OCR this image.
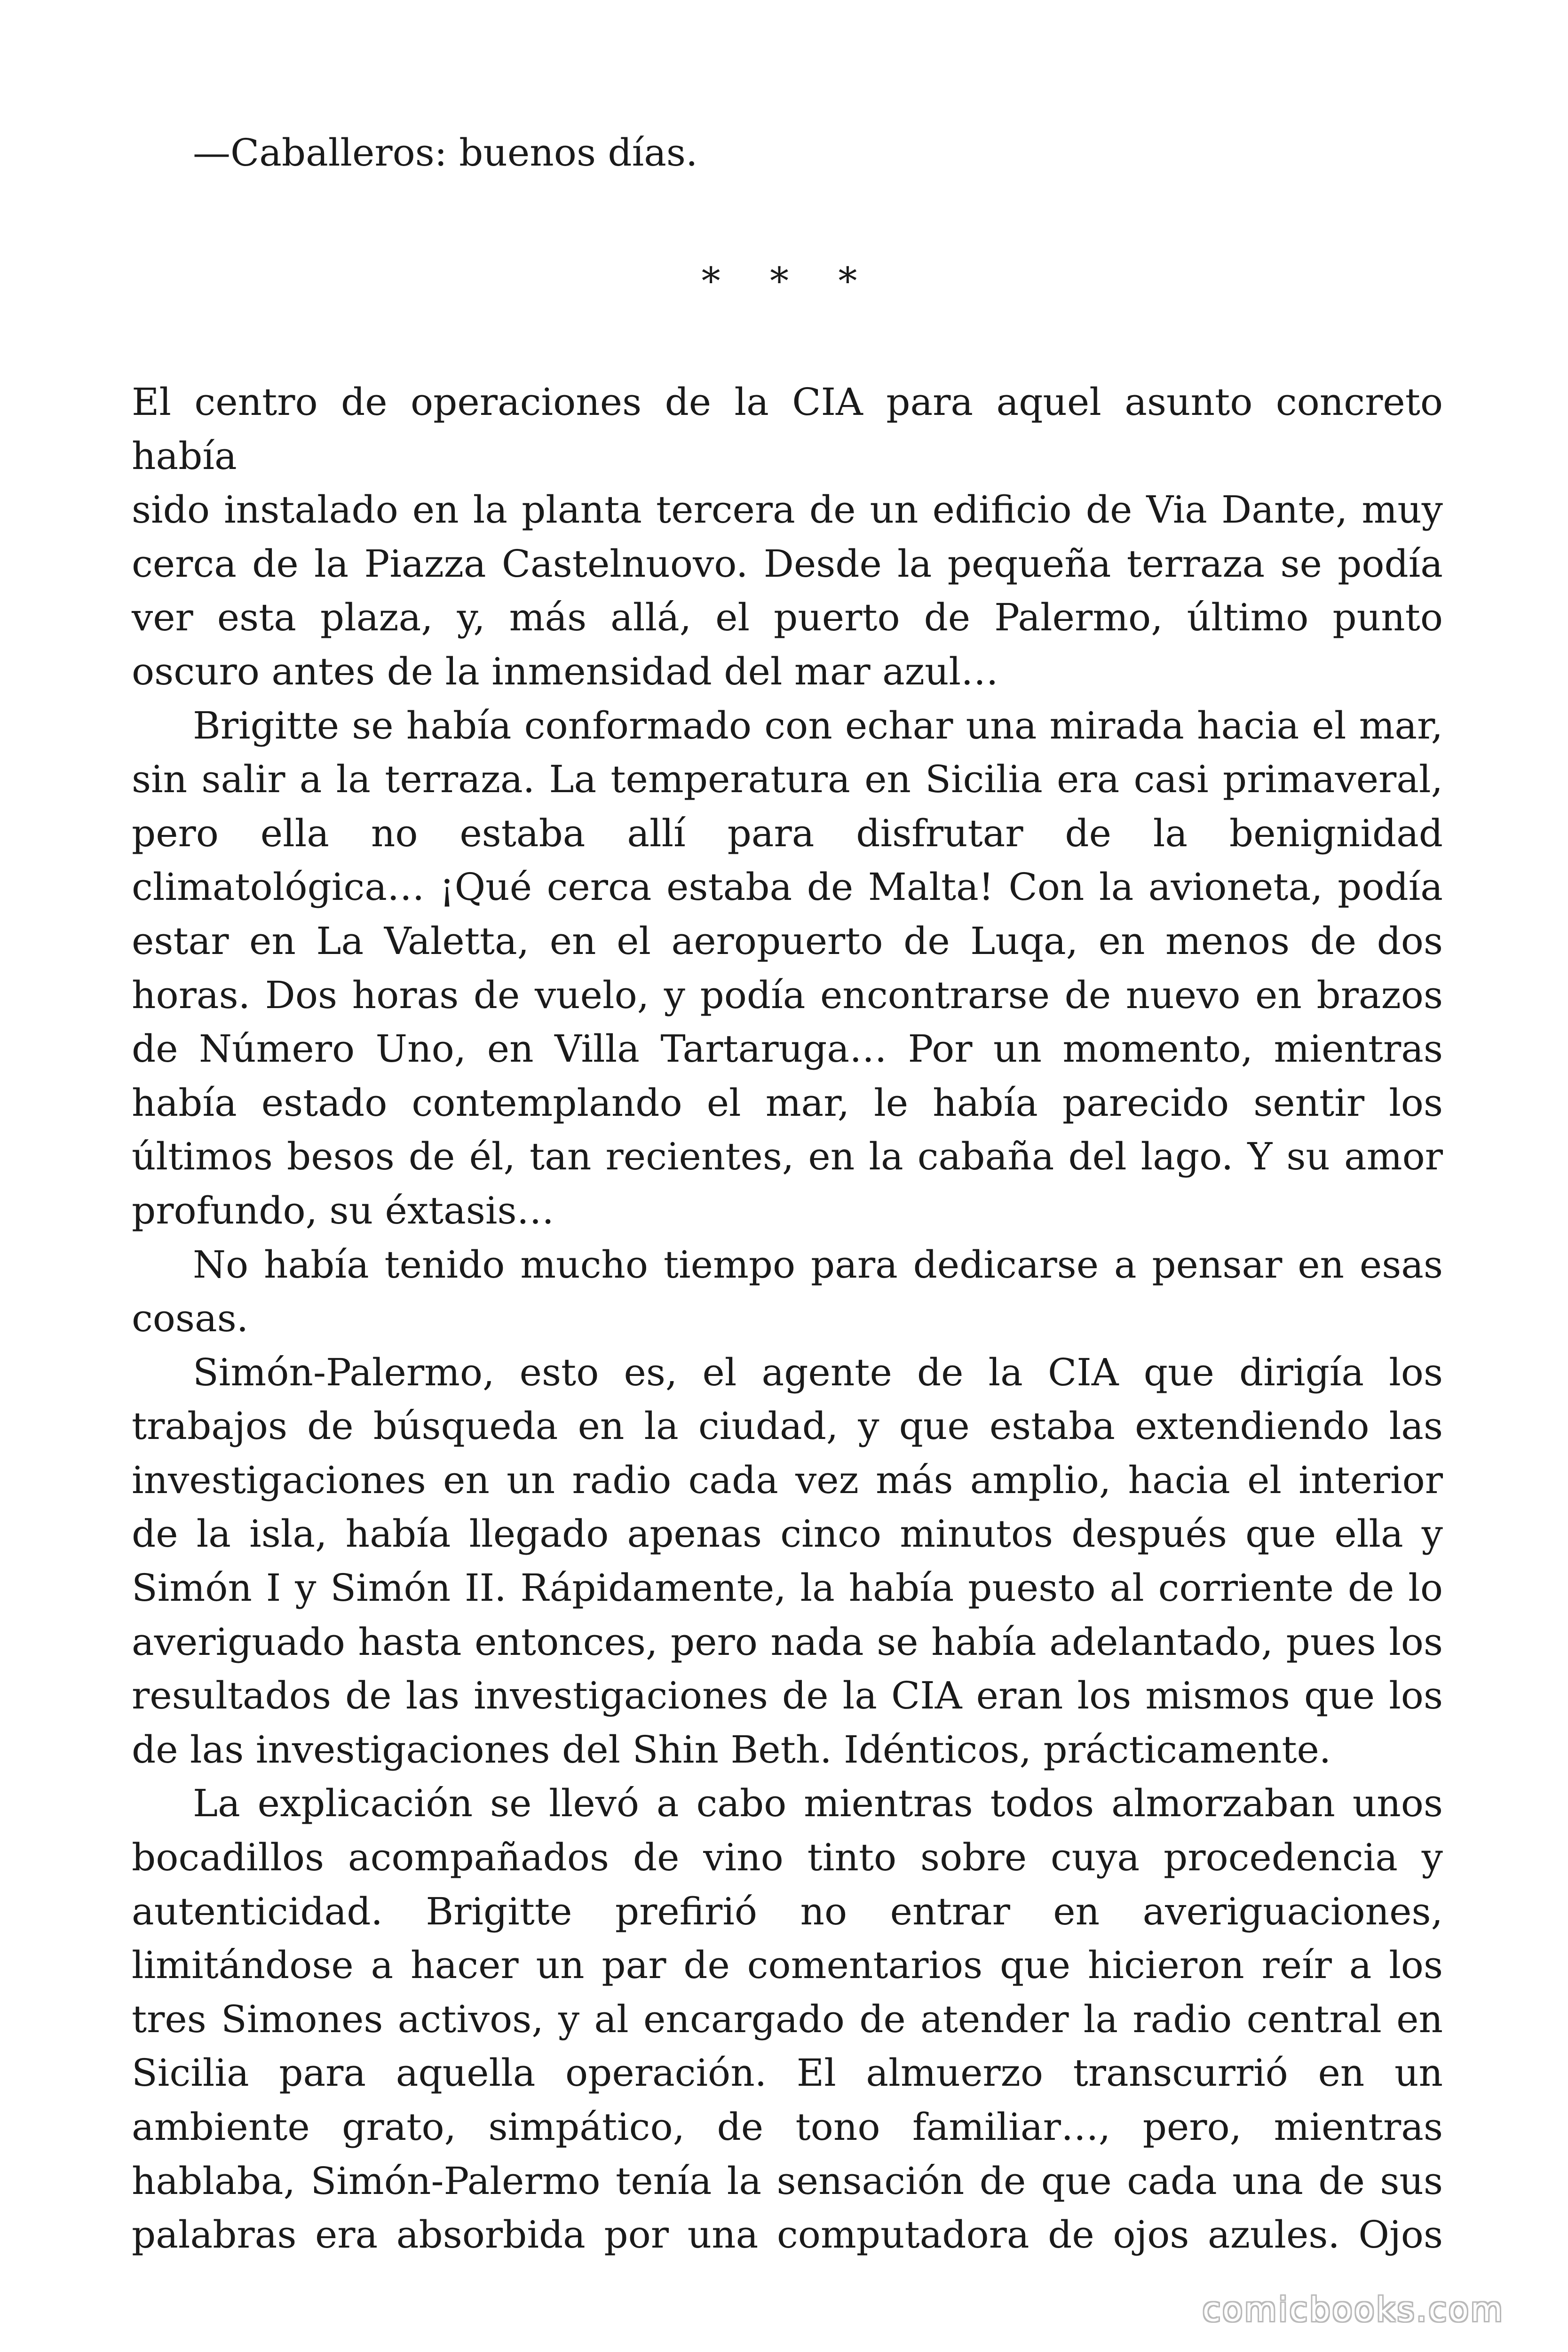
—Caballeros: buenos días.
* * *
El centro de operaciones de la CIA para aquel asunto concreto había
sido instalado en la planta tercera de un edificio de Via Dante, muy
cerca de la Piazza Castelnuovo. Desde la pequeña terraza se podía
ver esta plaza, y, más allá, el puerto de Palermo, último punto
oscuro antes de la inmensidad del mar azul…
Brigitte se había conformado con echar una mirada hacia el mar,
sin salir a la terraza. La temperatura en Sicilia era casi primaveral,
pero ella no estaba allí para disfrutar de la benignidad
climatológica… ¡Qué cerca estaba de Malta! Con la avioneta, podía
estar en La Valetta, en el aeropuerto de Luqa, en menos de dos
horas. Dos horas de vuelo, y podía encontrarse de nuevo en brazos
de Número Uno, en Villa Tartaruga… Por un momento, mientras
había estado contemplando el mar, le había parecido sentir los
últimos besos de él, tan recientes, en la cabaña del lago. Y su amor
profundo, su éxtasis…
No había tenido mucho tiempo para dedicarse a pensar en esas
cosas.
Simón-Palermo, esto es, el agente de la CIA que dirigía los
trabajos de búsqueda en la ciudad, y que estaba extendiendo las
investigaciones en un radio cada vez más amplio, hacia el interior
de la isla, había llegado apenas cinco minutos después que ella y
Simón I y Simón II. Rápidamente, la había puesto al corriente de lo
averiguado hasta entonces, pero nada se había adelantado, pues los
resultados de las investigaciones de la CIA eran los mismos que los
de las investigaciones del Shin Beth. Idénticos, prácticamente.
La explicación se llevó a cabo mientras todos almorzaban unos
bocadillos acompañados de vino tinto sobre cuya procedencia y
autenticidad. Brigitte prefirió no entrar en averiguaciones,
limitándose a hacer un par de comentarios que hicieron reír a los
tres Simones activos, y al encargado de atender la radio central en
Sicilia para aquella operación. El almuerzo transcurrió en un
ambiente grato, simpático, de tono familiar…, pero, mientras
hablaba, Simón-Palermo tenía la sensación de que cada una de sus
palabras era absorbida por una computadora de ojos azules. Ojos
comicbooks.com
